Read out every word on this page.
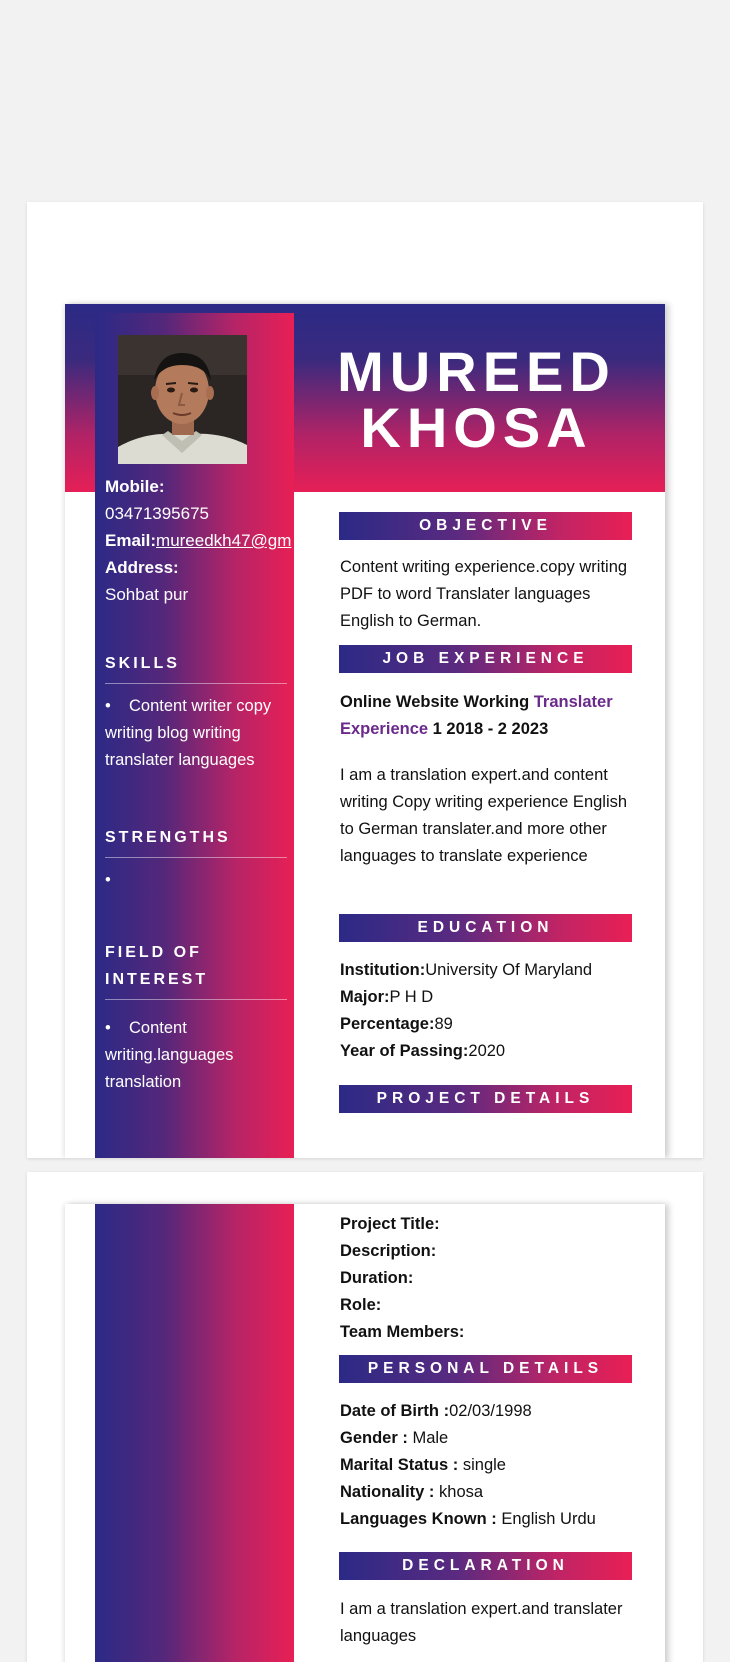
Mobile:
03471395675
Email:mureedkh47@gm
Address:
Sohbat pur
SKILLS
• Content writer copy writing blog writing translater languages
STRENGTHS
•
FIELD OF INTEREST
• Content writing.languages translation
MUREED
KHOSA
OBJECTIVE
Content writing experience.copy writing PDF to word Translater languages English to German.
JOB EXPERIENCE
Online Website Working Translater Experience 1 2018 - 2 2023
I am a translation expert.and content writing Copy writing experience English to German translater.and more other languages to translate experience
EDUCATION
Institution:University Of Maryland
Major:P H D
Percentage:89
Year of Passing:2020
PROJECT DETAILS
Project Title:
Description:
Duration:
Role:
Team Members:
PERSONAL DETAILS
Date of Birth :02/03/1998
Gender : Male
Marital Status : single
Nationality : khosa
Languages Known : English Urdu
DECLARATION
I am a translation expert.and translater languages
